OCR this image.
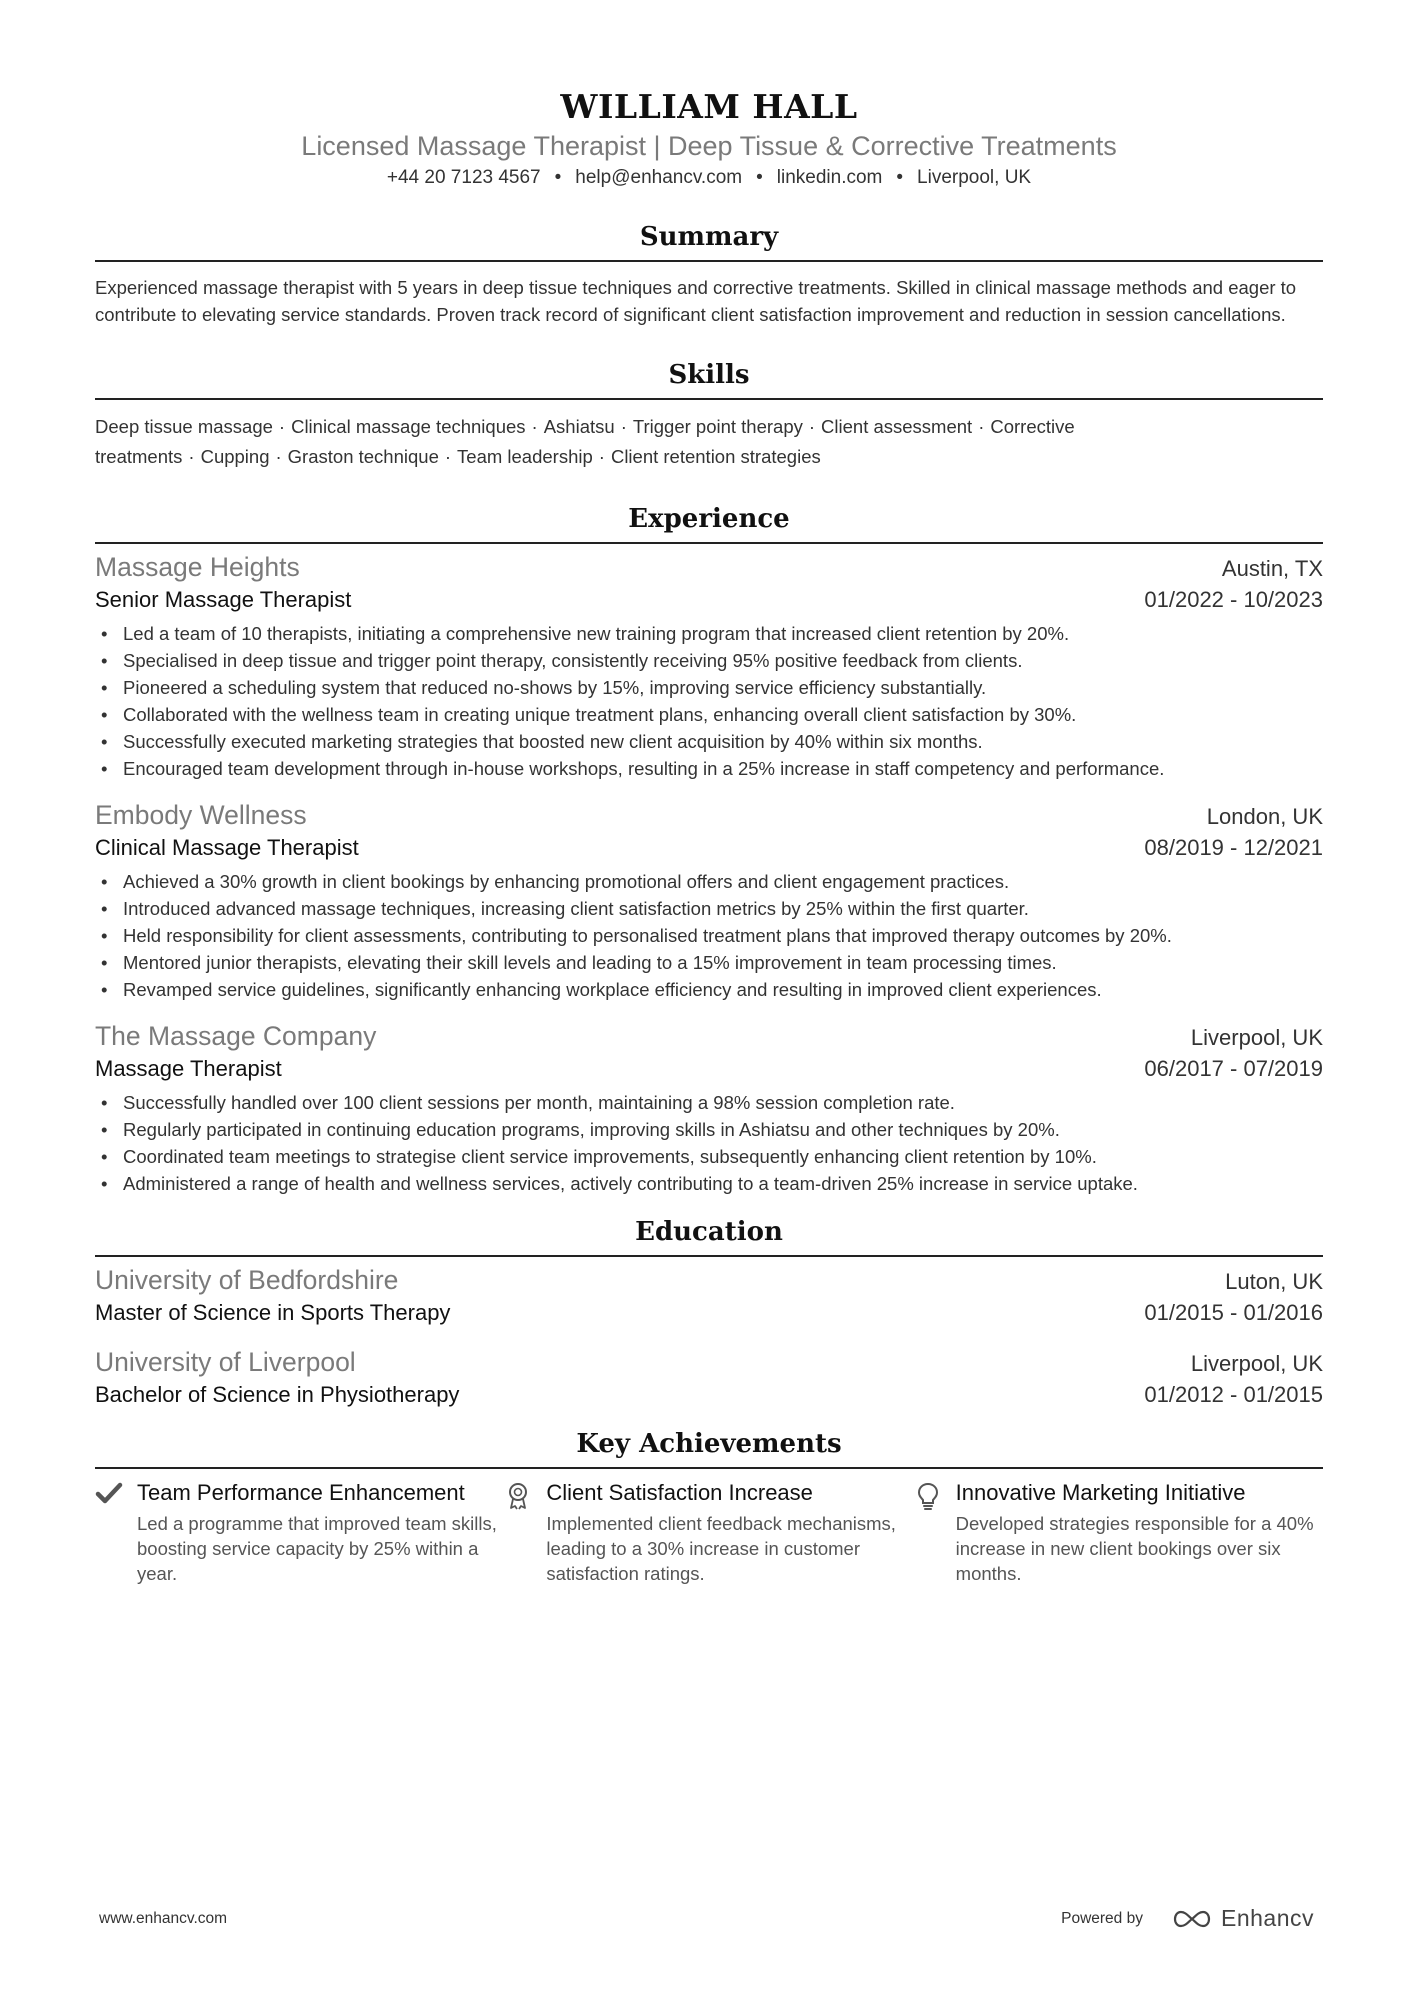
WILLIAM HALL
Licensed Massage Therapist | Deep Tissue & Corrective Treatments
+44 20 7123 4567 • help@enhancv.com • linkedin.com • Liverpool, UK
Summary

Experienced massage therapist with 5 years in deep tissue techniques and corrective treatments. Skilled in clinical massage methods and eager to contribute to elevating service standards. Proven track record of significant client satisfaction improvement and reduction in session cancellations.

Skills

Deep tissue massage · Clinical massage techniques · Ashiatsu · Trigger point therapy · Client assessment · Corrective treatments · Cupping · Graston technique · Team leadership · Client retention strategies

Experience
Massage Heights	Austin, TX
Senior Massage Therapist	01/2022 - 10/2023
• Led a team of 10 therapists, initiating a comprehensive new training program that increased client retention by 20%.
• Specialised in deep tissue and trigger point therapy, consistently receiving 95% positive feedback from clients.
• Pioneered a scheduling system that reduced no-shows by 15%, improving service efficiency substantially.
• Collaborated with the wellness team in creating unique treatment plans, enhancing overall client satisfaction by 30%.
• Successfully executed marketing strategies that boosted new client acquisition by 40% within six months.
• Encouraged team development through in-house workshops, resulting in a 25% increase in staff competency and performance.
Embody Wellness	London, UK
Clinical Massage Therapist	08/2019 - 12/2021
• Achieved a 30% growth in client bookings by enhancing promotional offers and client engagement practices.
• Introduced advanced massage techniques, increasing client satisfaction metrics by 25% within the first quarter.
• Held responsibility for client assessments, contributing to personalised treatment plans that improved therapy outcomes by 20%.
• Mentored junior therapists, elevating their skill levels and leading to a 15% improvement in team processing times.
• Revamped service guidelines, significantly enhancing workplace efficiency and resulting in improved client experiences.
The Massage Company	Liverpool, UK
Massage Therapist	06/2017 - 07/2019
• Successfully handled over 100 client sessions per month, maintaining a 98% session completion rate.
• Regularly participated in continuing education programs, improving skills in Ashiatsu and other techniques by 20%.
• Coordinated team meetings to strategise client service improvements, subsequently enhancing client retention by 10%.
• Administered a range of health and wellness services, actively contributing to a team-driven 25% increase in service uptake.
Education
University of Bedfordshire	Luton, UK
Master of Science in Sports Therapy	01/2015 - 01/2016
University of Liverpool	Liverpool, UK
Bachelor of Science in Physiotherapy	01/2012 - 01/2015
Key Achievements
Team Performance Enhancement
Led a programme that improved team skills, boosting service capacity by 25% within a year.
Client Satisfaction Increase
Implemented client feedback mechanisms, leading to a 30% increase in customer satisfaction ratings.
Innovative Marketing Initiative
Developed strategies responsible for a 40% increase in new client bookings over six months.
www.enhancv.com	Powered by	Enhancv
